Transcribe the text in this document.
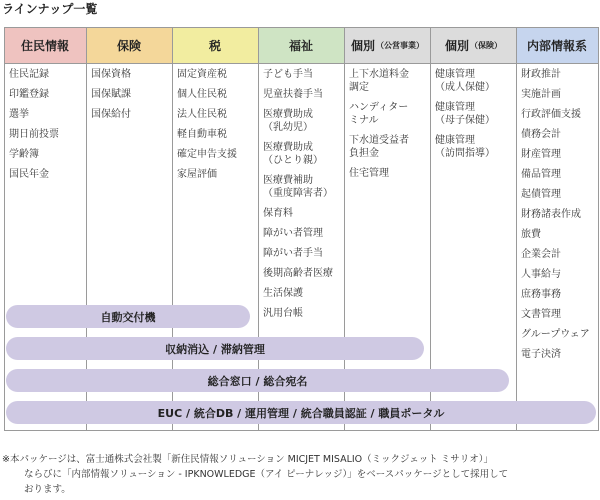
ラインナップ一覧
住民情報
住民記録
印鑑登録
選挙
期日前投票
学齢簿
国民年金
保険
国保資格
国保賦課
国保給付
税
固定資産税
個人住民税
法人住民税
軽自動車税
確定申告支援
家屋評価
福祉
子ども手当
児童扶養手当
医療費助成
（乳幼児）
医療費助成
（ひとり親）
医療費補助
（重度障害者）
保育料
障がい者管理
障がい者手当
後期高齢者医療
生活保護
汎用台帳
個別 （公営事業）
上下水道料金
調定
ハンディター
ミナル
下水道受益者
負担金
住宅管理
個別 （保険）
健康管理
（成人保健）
健康管理
（母子保健）
健康管理
（訪問指導）
内部情報系
財政推計
実施計画
行政評価支援
債務会計
財産管理
備品管理
起債管理
財務諸表作成
旅費
企業会計
人事給与
庶務事務
文書管理
グループウェア
電子決済
自動交付機
収納消込 / 滞納管理
総合窓口 / 総合宛名
EUC / 統合DB / 運用管理 / 統合職員認証 / 職員ポータル
※本パッケージは、富士通株式会社製「新住民情報ソリューション MICJET MISALIO（ミックジェット ミサリオ）」
ならびに「内部情報ソリューション - IPKNOWLEDGE（アイ ピーナレッジ）」をベースパッケージとして採用して
おります。
